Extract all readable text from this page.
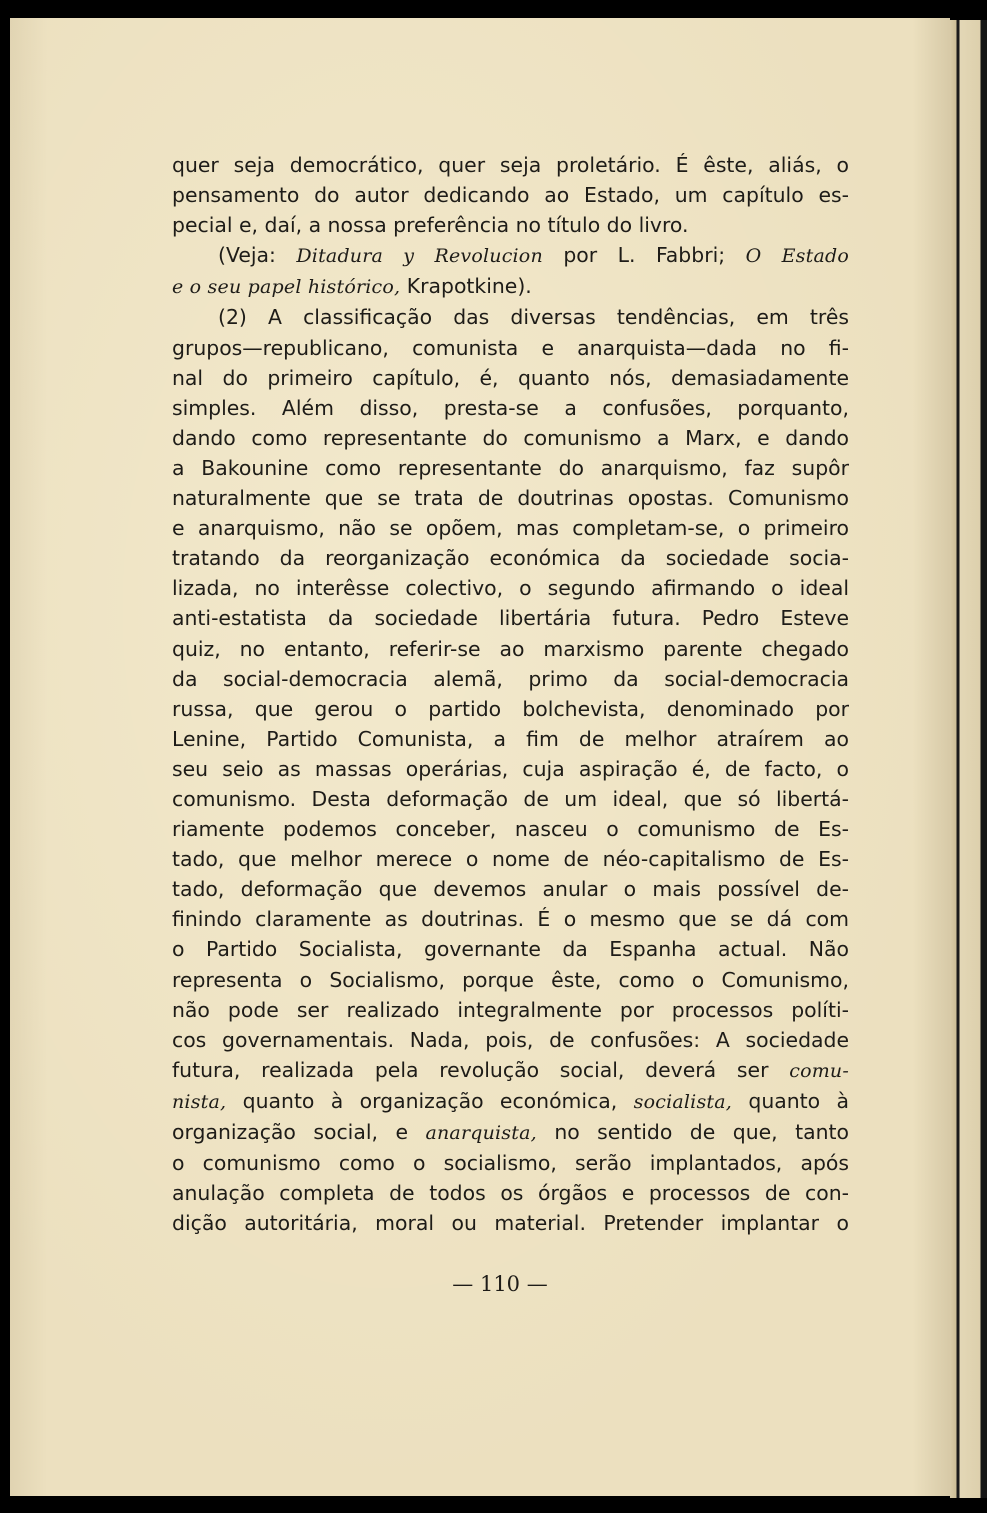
quer seja democrático, quer seja proletário. É êste, aliás, o

pensamento do autor dedicando ao Estado, um capítulo es-

pecial e, daí, a nossa preferência no título do livro.

(Veja: Ditadura y Revolucion por L. Fabbri; O Estado

e o seu papel histórico, Krapotkine).

(2) A classificação das diversas tendências, em três

grupos—republicano, comunista e anarquista—dada no fi-

nal do primeiro capítulo, é, quanto nós, demasiadamente

simples. Além disso, presta-se a confusões, porquanto,

dando como representante do comunismo a Marx, e dando

a Bakounine como representante do anarquismo, faz supôr

naturalmente que se trata de doutrinas opostas. Comunismo

e anarquismo, não se opõem, mas completam-se, o primeiro

tratando da reorganização económica da sociedade socia-

lizada, no interêsse colectivo, o segundo afirmando o ideal

anti-estatista da sociedade libertária futura. Pedro Esteve

quiz, no entanto, referir-se ao marxismo parente chegado

da social-democracia alemã, primo da social-democracia

russa, que gerou o partido bolchevista, denominado por

Lenine, Partido Comunista, a fim de melhor atraírem ao

seu seio as massas operárias, cuja aspiração é, de facto, o

comunismo. Desta deformação de um ideal, que só libertá-

riamente podemos conceber, nasceu o comunismo de Es-

tado, que melhor merece o nome de néo-capitalismo de Es-

tado, deformação que devemos anular o mais possível de-

finindo claramente as doutrinas. É o mesmo que se dá com

o Partido Socialista, governante da Espanha actual. Não

representa o Socialismo, porque êste, como o Comunismo,

não pode ser realizado integralmente por processos políti-

cos governamentais. Nada, pois, de confusões: A sociedade

futura, realizada pela revolução social, deverá ser comu-

nista, quanto à organização económica, socialista, quanto à

organização social, e anarquista, no sentido de que, tanto

o comunismo como o socialismo, serão implantados, após

anulação completa de todos os órgãos e processos de con-

dição autoritária, moral ou material. Pretender implantar o

— 110 —
